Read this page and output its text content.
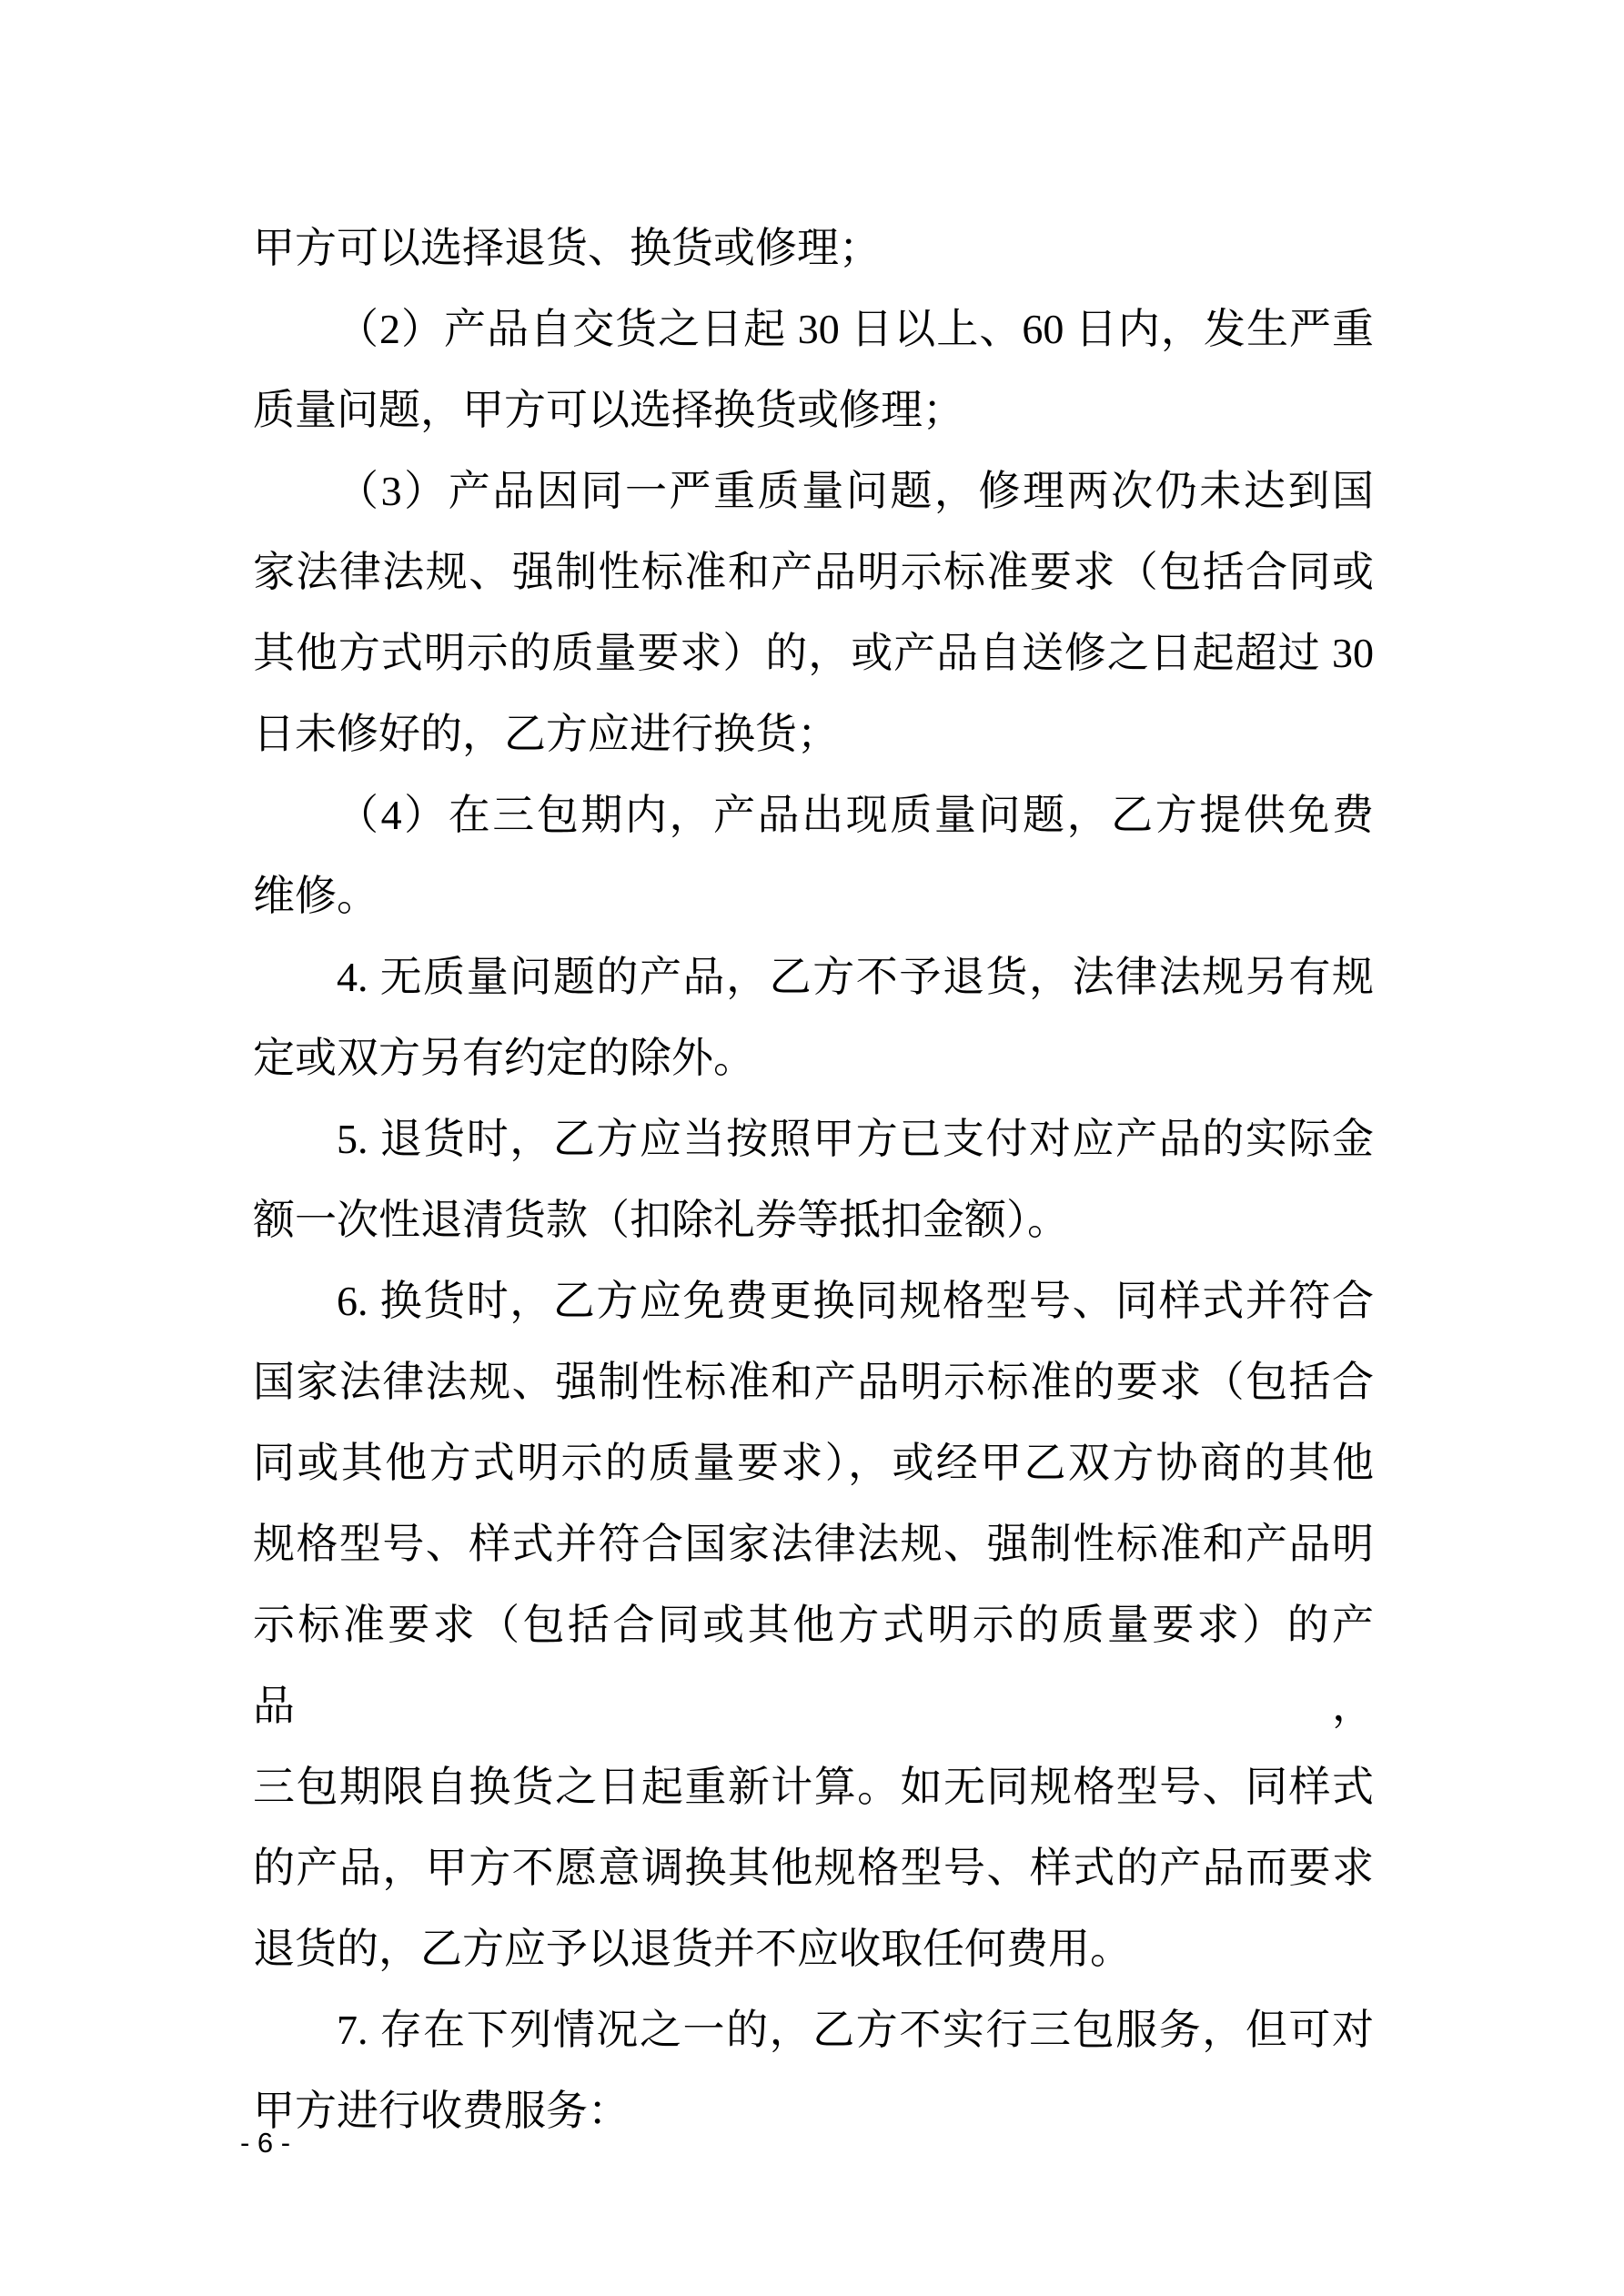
甲方可以选择退货、换货或修理；
（2）产品自交货之日起 30 日以上、60 日内，发生严重
质量问题，甲方可以选择换货或修理；
（3）产品因同一严重质量问题，修理两次仍未达到国
家法律法规、强制性标准和产品明示标准要求（包括合同或
其他方式明示的质量要求）的，或产品自送修之日起超过 30
日未修好的，乙方应进行换货；
（4）在三包期内，产品出现质量问题，乙方提供免费
维修。
4. 无质量问题的产品，乙方不予退货，法律法规另有规
定或双方另有约定的除外。
5. 退货时，乙方应当按照甲方已支付对应产品的实际金
额一次性退清货款（扣除礼券等抵扣金额）。
6. 换货时，乙方应免费更换同规格型号、同样式并符合
国家法律法规、强制性标准和产品明示标准的要求（包括合
同或其他方式明示的质量要求），或经甲乙双方协商的其他
规格型号、样式并符合国家法律法规、强制性标准和产品明
示标准要求（包括合同或其他方式明示的质量要求）的产品，
三包期限自换货之日起重新计算。如无同规格型号、同样式
的产品，甲方不愿意调换其他规格型号、样式的产品而要求
退货的，乙方应予以退货并不应收取任何费用。
7. 存在下列情况之一的，乙方不实行三包服务，但可对
甲方进行收费服务：
- 6 -
